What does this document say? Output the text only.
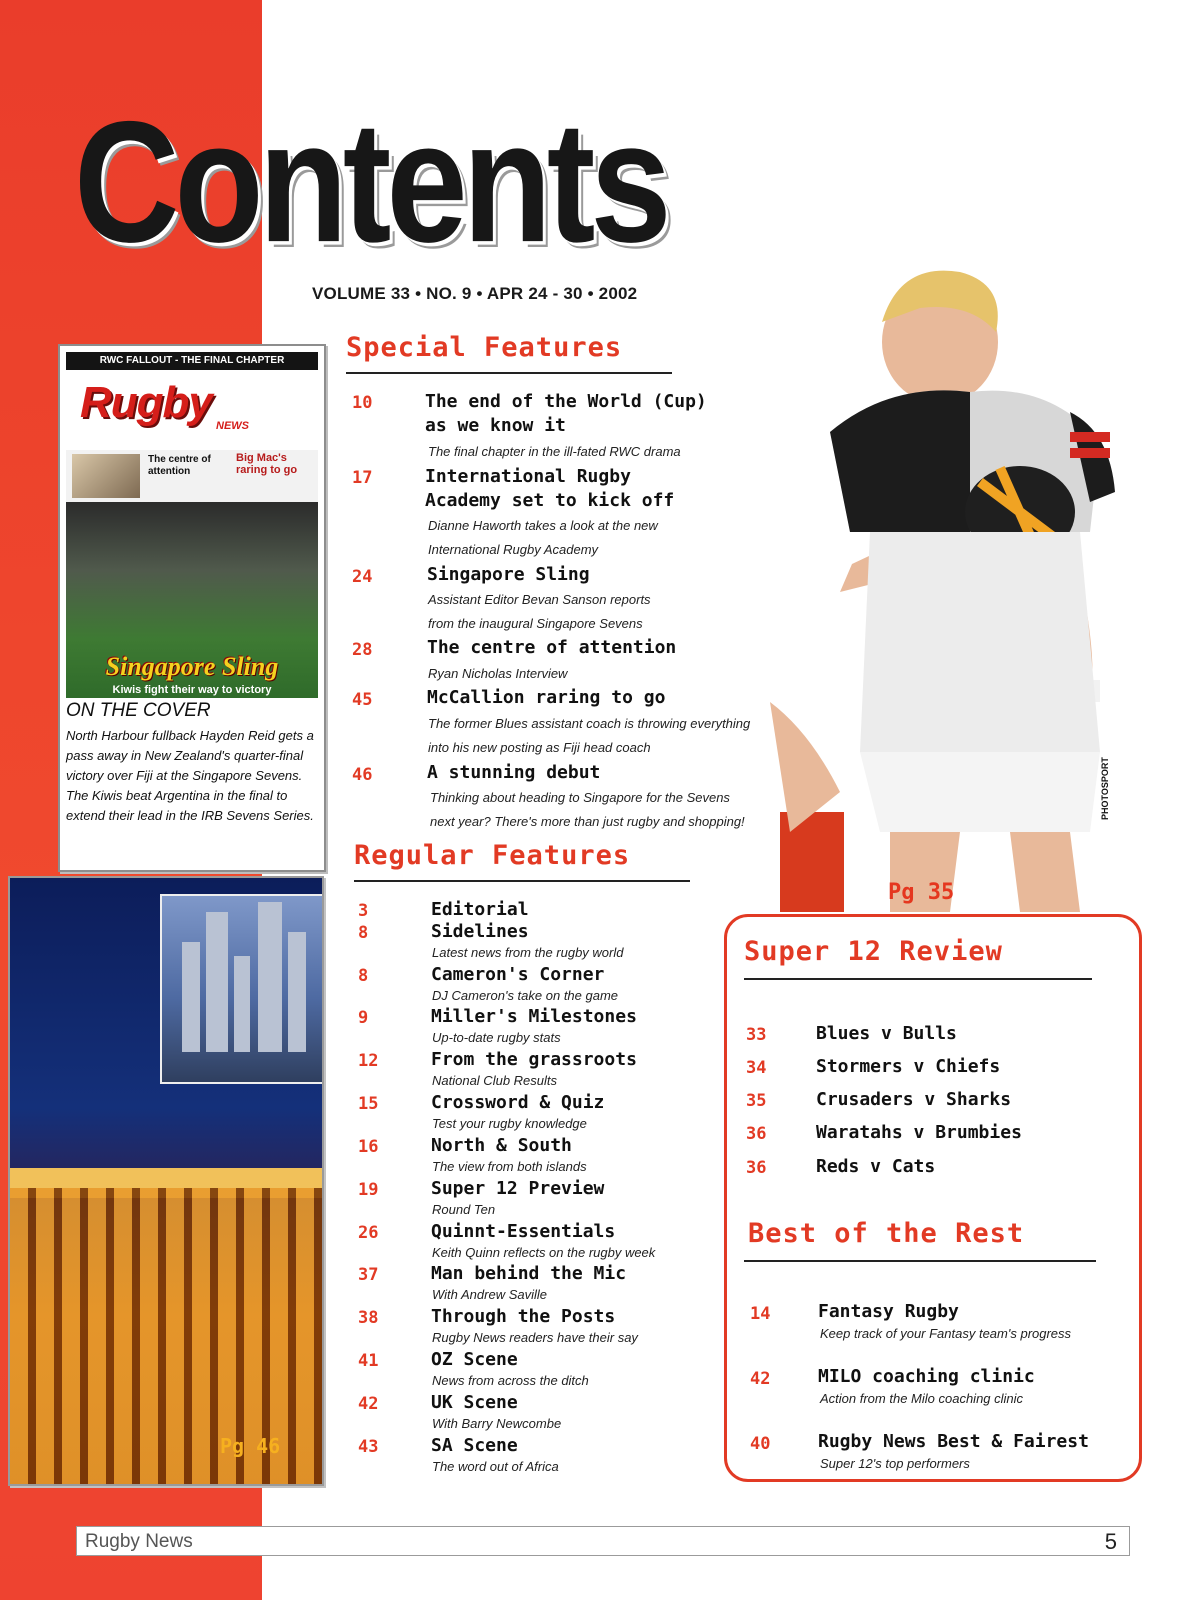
Contents
VOLUME 33 • NO. 9 • APR 24 - 30 • 2002
RWC FALLOUT - THE FINAL CHAPTER
Rugby NEWS
The centre of attention
Big Mac's raring to go
Singapore Sling
Kiwis fight their way to victory
ON THE COVER
North Harbour fullback Hayden Reid gets a pass away in New Zealand's quarter-final victory over Fiji at the Singapore Sevens. The Kiwis beat Argentina in the final to extend their lead in the IRB Sevens Series.
Pg 46
PHOTOSPORT
Pg 35
Special Features
10	The end of the World (Cup)
as we know it
The final chapter in the ill-fated RWC drama
17	International Rugby
Academy set to kick off
Dianne Haworth takes a look at the new
International Rugby Academy
24	Singapore Sling
Assistant Editor Bevan Sanson reports
from the inaugural Singapore Sevens
28	The centre of attention
Ryan Nicholas Interview
45	McCallion raring to go
The former Blues assistant coach is throwing everything
into his new posting as Fiji head coach
46	A stunning debut
Thinking about heading to Singapore for the Sevens
next year? There's more than just rugby and shopping!
Regular Features
3	Editorial
8	Sidelines
Latest news from the rugby world
8	Cameron's Corner
DJ Cameron's take on the game
9	Miller's Milestones
Up-to-date rugby stats
12	From the grassroots
National Club Results
15	Crossword & Quiz
Test your rugby knowledge
16	North & South
The view from both islands
19	Super 12 Preview
Round Ten
26	Quinnt-Essentials
Keith Quinn reflects on the rugby week
37	Man behind the Mic
With Andrew Saville
38	Through the Posts
Rugby News readers have their say
41	OZ Scene
News from across the ditch
42	UK Scene
With Barry Newcombe
43	SA Scene
The word out of Africa
Super 12 Review
33	Blues v Bulls
34	Stormers v Chiefs
35	Crusaders v Sharks
36	Waratahs v Brumbies
36	Reds v Cats
Best of the Rest
14	Fantasy Rugby
Keep track of your Fantasy team's progress
42	MILO coaching clinic
Action from the Milo coaching clinic
40	Rugby News Best & Fairest
Super 12's top performers
Rugby News	5
